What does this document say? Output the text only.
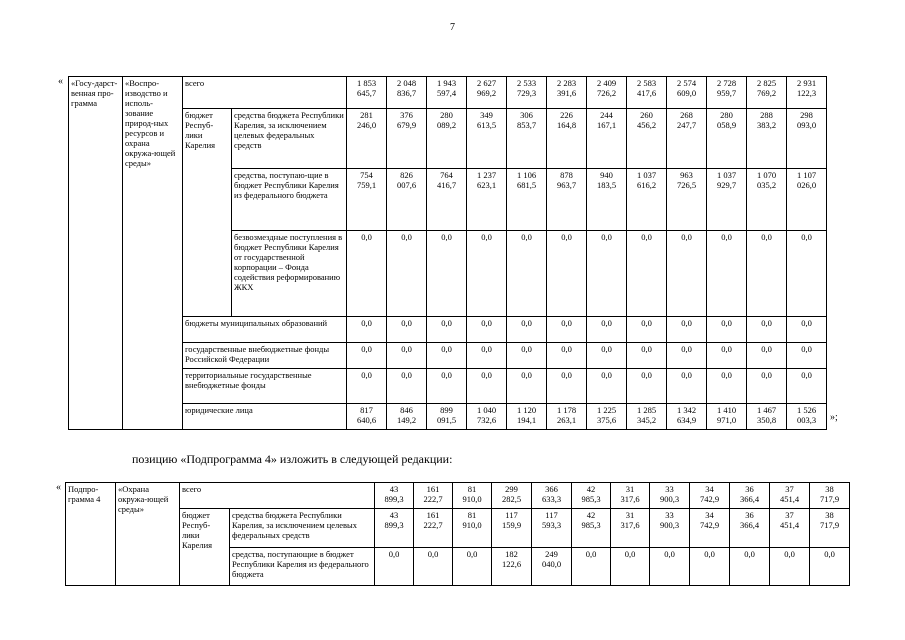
7
«
»;
«Госу-дарст-венная про-грамма	«Воспро-изводство и исполь-зование природ-ных ресурсов и охрана окружа-ющей среды»	всего		1 853
645,7	2 048
836,7	1 943
597,4	2 627
969,2	2 533
729,3	2 283
391,6	2 409
726,2	2 583
417,6	2 574
609,0	2 728
959,7	2 825
769,2	2 931
122,3

		бюджет Респуб-лики Карелия	средства бюджета Республики Карелия, за исключением целевых федеральных средств	281
246,0	376
679,9	280
089,2	349
613,5	306
853,7	226
164,8	244
167,1	260
456,2	268
247,7	280
058,9	288
383,2	298
093,0

			средства, поступаю-щие в бюджет Республики Карелия из федерального бюджета	754
759,1	826
007,6	764
416,7	1 237
623,1	1 106
681,5	878
963,7	940
183,5	1 037
616,2	963
726,5	1 037
929,7	1 070
035,2	1 107
026,0

			безвозмездные поступления в бюджет Республики Карелия от государственной корпорации – Фонда содействия реформированию ЖКХ	0,0	0,0	0,0	0,0	0,0	0,0	0,0	0,0	0,0	0,0	0,0	0,0

		бюджеты муниципальных образований		0,0	0,0	0,0	0,0	0,0	0,0	0,0	0,0	0,0	0,0	0,0	0,0

		государственные внебюджетные фонды Российской Федерации		0,0	0,0	0,0	0,0	0,0	0,0	0,0	0,0	0,0	0,0	0,0	0,0

		территориальные государственные внебюджетные фонды		0,0	0,0	0,0	0,0	0,0	0,0	0,0	0,0	0,0	0,0	0,0	0,0

		юридические лица		817
640,6	846
149,2	899
091,5	1 040
732,6	1 120
194,1	1 178
263,1	1 225
375,6	1 285
345,2	1 342
634,9	1 410
971,0	1 467
350,8	1 526
003,3
позицию «Подпрограмма 4» изложить в следующей редакции:
« Подпро-грамма 4	«Охрана окружа-ющей среды»	всего		43
899,3	161
222,7	81
910,0	299
282,5	366
633,3	42
985,3	31
317,6	33
900,3	34
742,9	36
366,4	37
451,4	38
717,9

		бюджет Респуб-лики Карелия	средства бюджета Республики Карелия, за исключением целевых федеральных средств	43
899,3	161
222,7	81
910,0	117
159,9	117
593,3	42
985,3	31
317,6	33
900,3	34
742,9	36
366,4	37
451,4	38
717,9

			средства, поступающие в бюджет Республики Карелия из федерального бюджета	0,0	0,0	0,0	182
122,6	249
040,0	0,0	0,0	0,0	0,0	0,0	0,0	0,0
